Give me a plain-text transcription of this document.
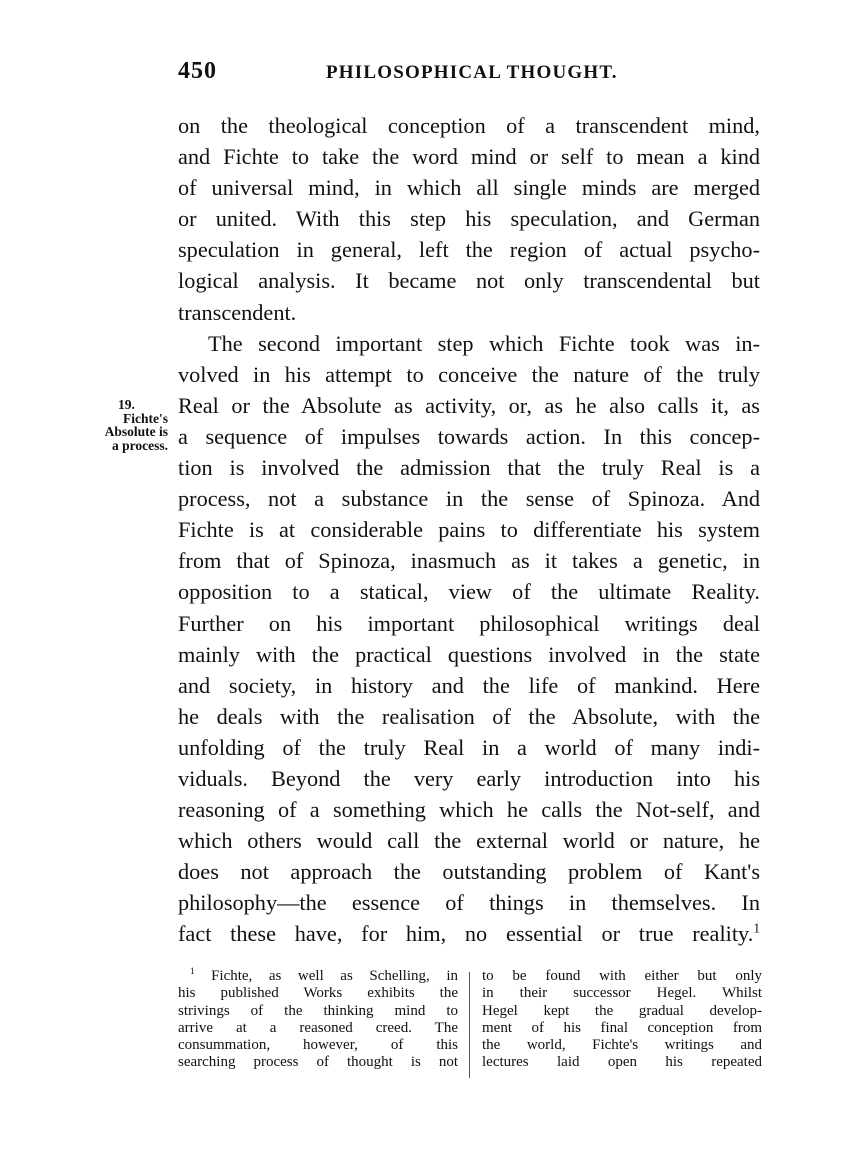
450	PHILOSOPHICAL THOUGHT.
19.
Fichte's
Absolute is
a process.
on the theological conception of a transcendent mind,
and Fichte to take the word mind or self to mean a kind
of universal mind, in which all single minds are merged
or united. With this step his speculation, and German
speculation in general, left the region of actual psycho-
logical analysis. It became not only transcendental but
transcendent.
The second important step which Fichte took was in-
volved in his attempt to conceive the nature of the truly
Real or the Absolute as activity, or, as he also calls it, as
a sequence of impulses towards action. In this concep-
tion is involved the admission that the truly Real is a
process, not a substance in the sense of Spinoza. And
Fichte is at considerable pains to differentiate his system
from that of Spinoza, inasmuch as it takes a genetic, in
opposition to a statical, view of the ultimate Reality.
Further on his important philosophical writings deal
mainly with the practical questions involved in the state
and society, in history and the life of mankind. Here
he deals with the realisation of the Absolute, with the
unfolding of the truly Real in a world of many indi-
viduals. Beyond the very early introduction into his
reasoning of a something which he calls the Not-self, and
which others would call the external world or nature, he
does not approach the outstanding problem of Kant's
philosophy—the essence of things in themselves. In
fact these have, for him, no essential or true reality.$^1$
$^1$ Fichte, as well as Schelling, in
his published Works exhibits the
strivings of the thinking mind to
arrive at a reasoned creed. The
consummation, however, of this
searching process of thought is not
to be found with either but only
in their successor Hegel. Whilst
Hegel kept the gradual develop-
ment of his final conception from
the world, Fichte's writings and
lectures laid open his repeated
